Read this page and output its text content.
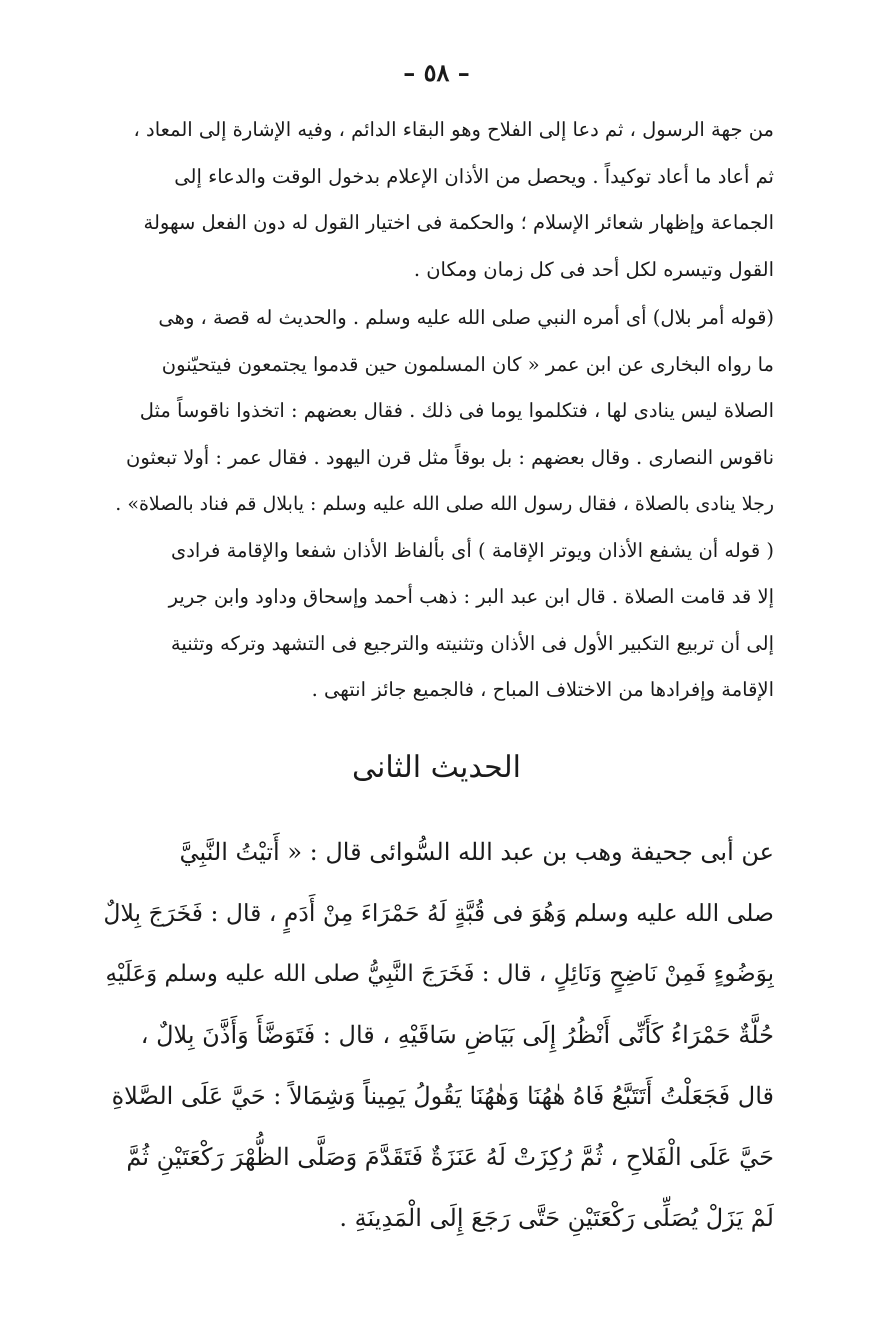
– ٥٨ –
من جهة الرسول ، ثم دعا إلى الفلاح وهو البقاء الدائم ، وفيه الإشارة إلى المعاد ،
ثم أعاد ما أعاد توكيداً . ويحصل من الأذان الإعلام بدخول الوقت والدعاء إلى
الجماعة وإظهار شعائر الإسلام ؛ والحكمة فى اختيار القول له دون الفعل سهولة
القول وتيسره لكل أحد فى كل زمان ومكان .
(قوله أمر بلال) أى أمره النبي صلى الله عليه وسلم . والحديث له قصة ، وهى
ما رواه البخارى عن ابن عمر « كان المسلمون حين قدموا يجتمعون فيتحيّنون
الصلاة ليس ينادى لها ، فتكلموا يوما فى ذلك . فقال بعضهم : اتخذوا ناقوساً مثل
ناقوس النصارى . وقال بعضهم : بل بوقاً مثل قرن اليهود . فقال عمر : أولا تبعثون
رجلا ينادى بالصلاة ، فقال رسول الله صلى الله عليه وسلم : يابلال قم فناد بالصلاة» .
( قوله أن يشفع الأذان ويوتر الإقامة ) أى بألفاظ الأذان شفعا والإقامة فرادى
إلا قد قامت الصلاة . قال ابن عبد البر : ذهب أحمد وإسحاق وداود وابن جرير
إلى أن تربيع التكبير الأول فى الأذان وتثنيته والترجيع فى التشهد وتركه وتثنية
الإقامة وإفرادها من الاختلاف المباح ، فالجميع جائز انتهى .
الحديث الثانى
عن أبى جحيفة وهب بن عبد الله السُّوائى قال : « أَتيْتُ النَّبِيَّ
صلى الله عليه وسلم وَهُوَ فى قُبَّةٍ لَهُ حَمْرَاءَ مِنْ أَدَمٍ ، قال : فَخَرَجَ بِلالٌ
بِوَضُوءٍ فَمِنْ نَاضِحٍ وَنَائِلٍ ، قال : فَخَرَجَ النَّبِيُّ صلى الله عليه وسلم وَعَلَيْهِ
حُلَّةٌ حَمْرَاءُ كَأَنِّى أَنْظُرُ إِلَى بَيَاضِ سَاقَيْهِ ، قال : فَتَوَضَّأَ وَأَذَّنَ بِلالٌ ،
قال فَجَعَلْتُ أَتَتَبَّعُ فَاهُ هٰهُنَا وَهٰهُنَا يَقُولُ يَمِيناً وَشِمَالاً : حَيَّ عَلَى الصَّلاةِ
حَيَّ عَلَى الْفَلاحِ ، ثُمَّ رُكِزَتْ لَهُ عَنَزَةٌ فَتَقَدَّمَ وَصَلَّى الظُّهْرَ رَكْعَتَيْنِ ثُمَّ
لَمْ يَزَلْ يُصَلِّى رَكْعَتَيْنِ حَتَّى رَجَعَ إِلَى الْمَدِينَةِ .
